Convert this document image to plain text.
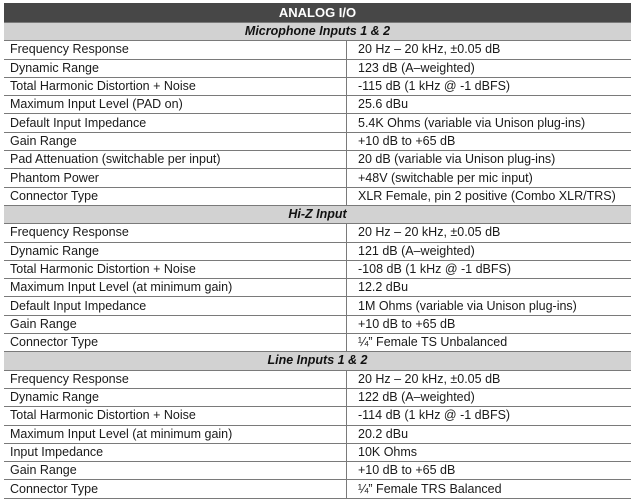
ANALOG I/O	
Microphone Inputs 1 & 2	
Frequency Response	20 Hz – 20 kHz, ±0.05 dB
Dynamic Range	123 dB (A–weighted)
Total Harmonic Distortion + Noise	-115 dB (1 kHz @ -1 dBFS)
Maximum Input Level (PAD on)	25.6 dBu
Default Input Impedance	5.4K Ohms (variable via Unison plug-ins)
Gain Range	+10 dB to +65 dB
Pad Attenuation (switchable per input)	20 dB (variable via Unison plug-ins)
Phantom Power	+48V (switchable per mic input)
Connector Type	XLR Female, pin 2 positive (Combo XLR/TRS)
Hi-Z Input	
Frequency Response	20 Hz – 20 kHz, ±0.05 dB
Dynamic Range	121 dB (A–weighted)
Total Harmonic Distortion + Noise	-108 dB (1 kHz @ -1 dBFS)
Maximum Input Level (at minimum gain)	12.2 dBu
Default Input Impedance	1M Ohms (variable via Unison plug-ins)
Gain Range	+10 dB to +65 dB
Connector Type	¼” Female TS Unbalanced
Line Inputs 1 & 2	
Frequency Response	20 Hz – 20 kHz, ±0.05 dB
Dynamic Range	122 dB (A–weighted)
Total Harmonic Distortion + Noise	-114 dB (1 kHz @ -1 dBFS)
Maximum Input Level (at minimum gain)	20.2 dBu
Input Impedance	10K Ohms
Gain Range	+10 dB to +65 dB
Connector Type	¼” Female TRS Balanced
